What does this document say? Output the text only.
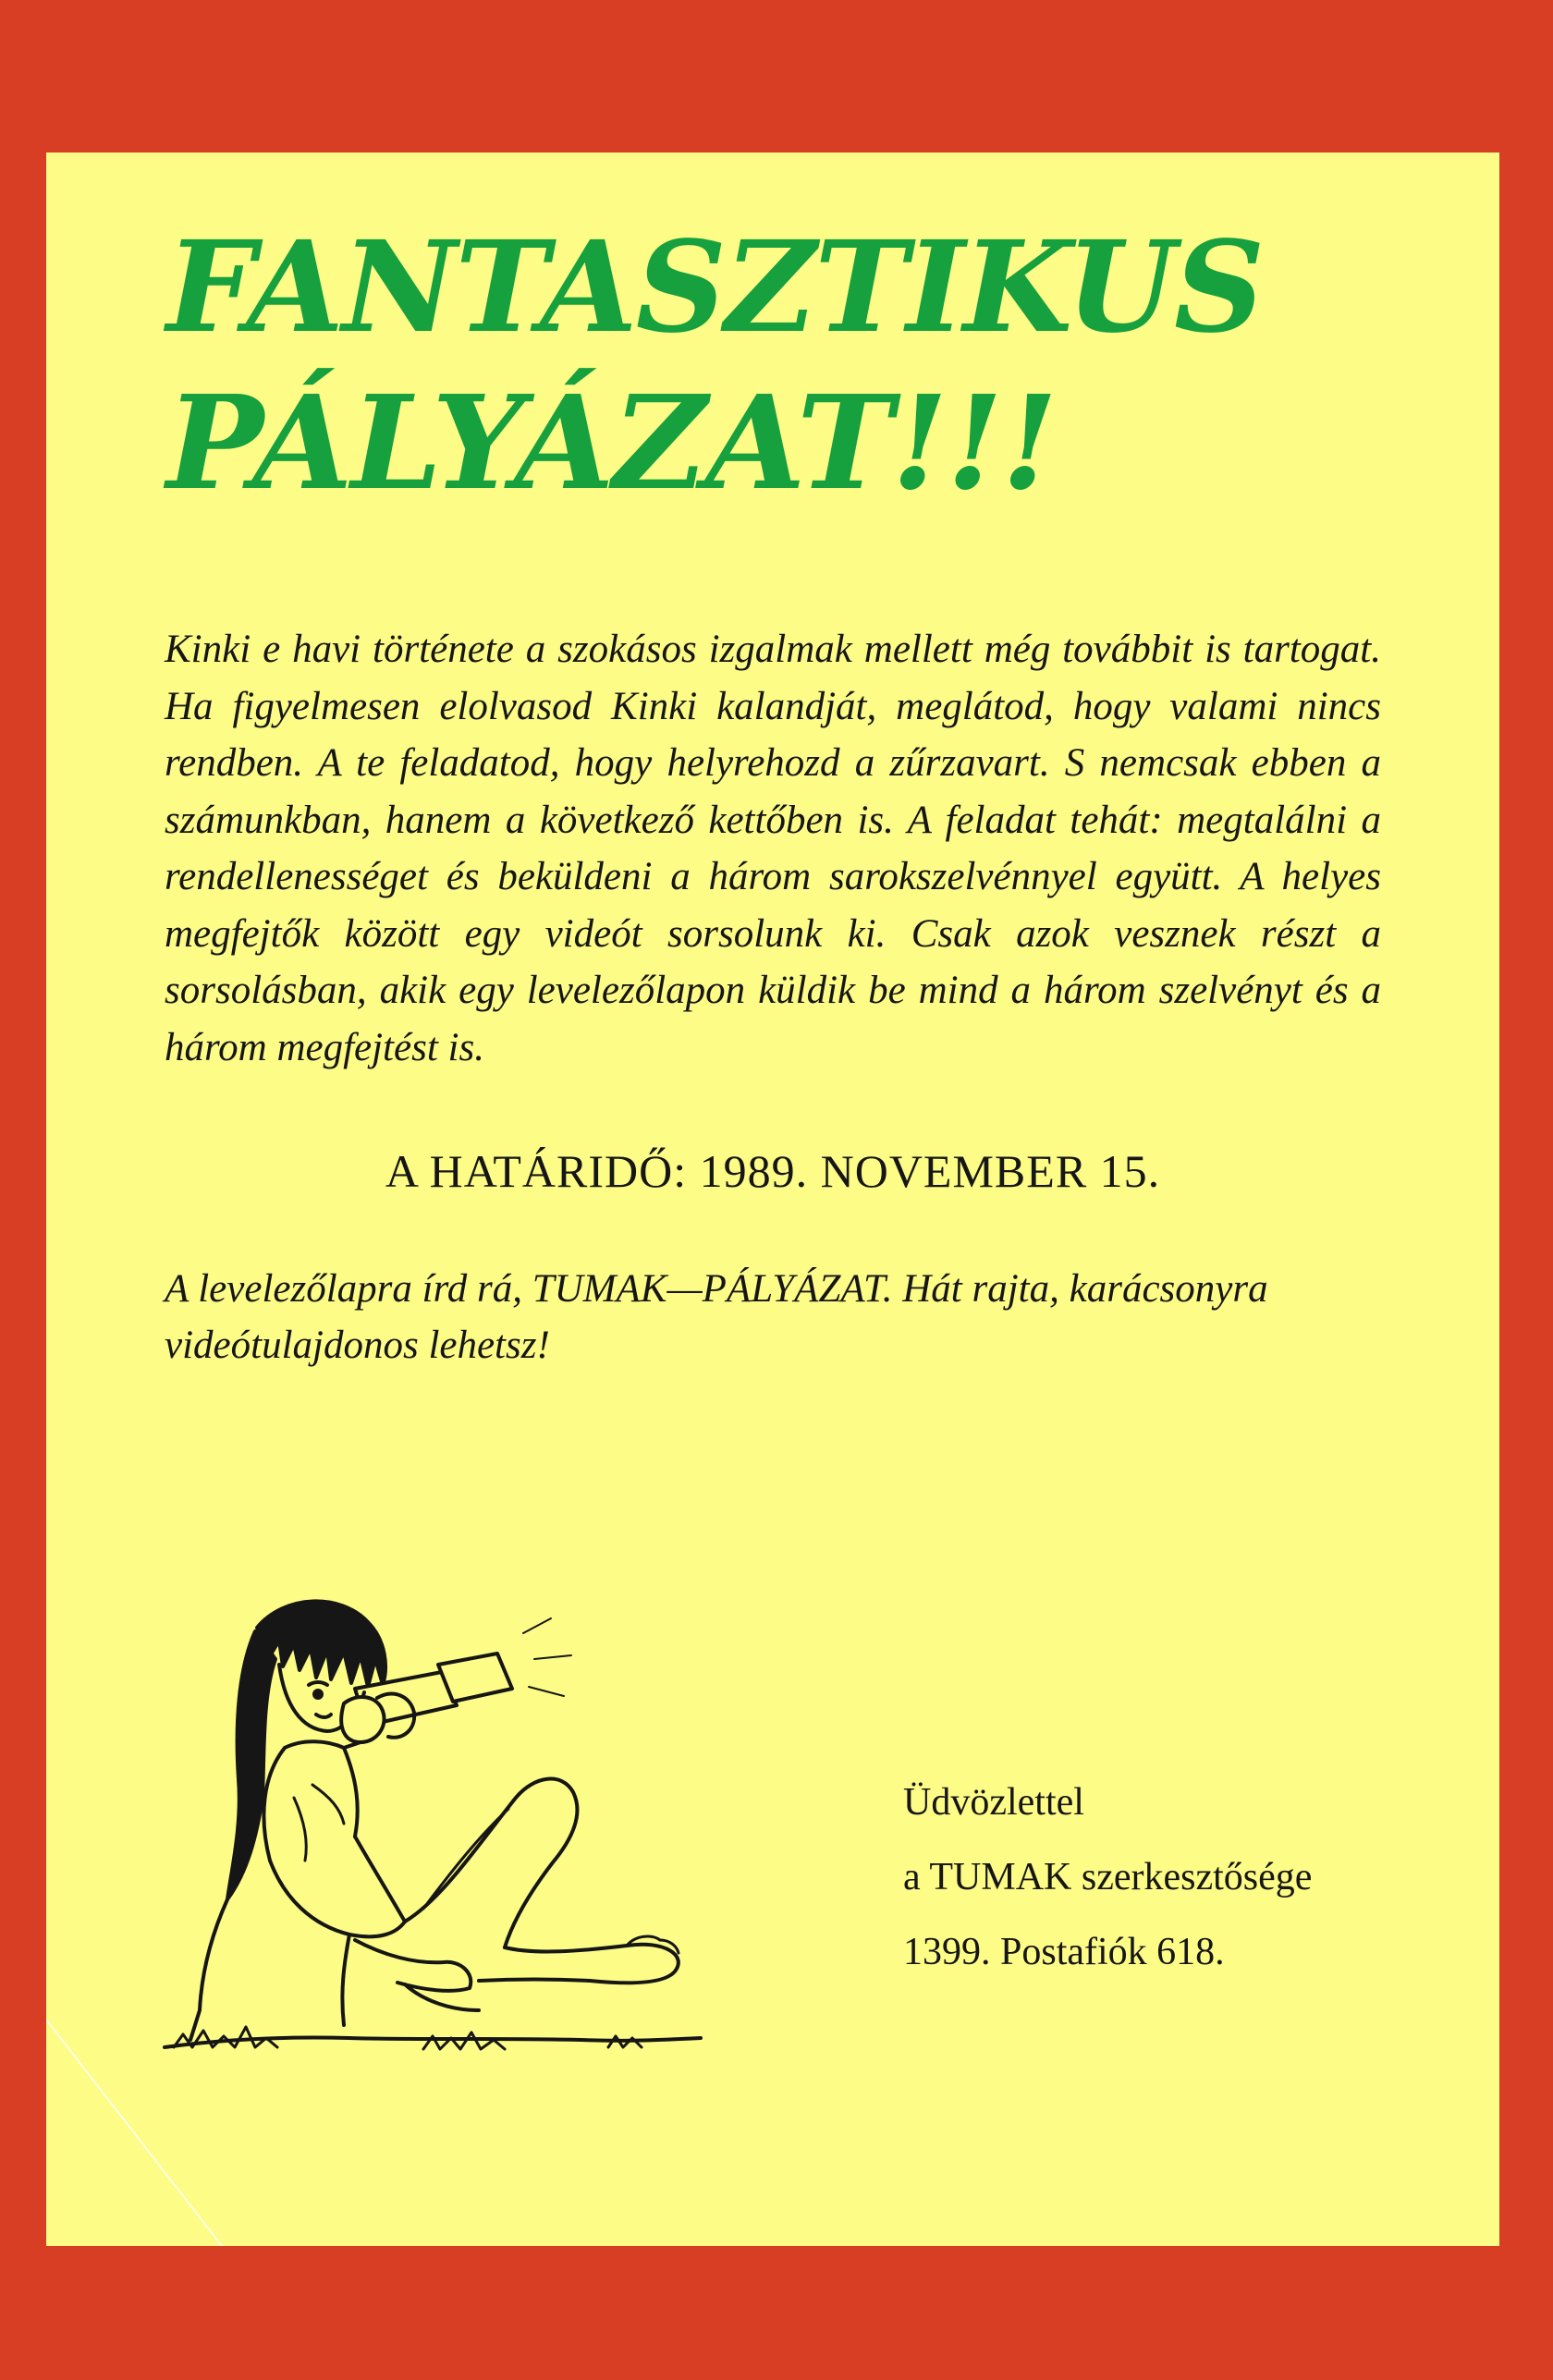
FANTASZTIKUS
PÁLYÁZAT!!!

Kinki e havi története a szokásos izgalmak mellett még továbbit is tartogat. Ha figyelmesen elolvasod Kinki kalandját, meglátod, hogy valami nincs rendben. A te feladatod, hogy helyrehozd a zűrzavart. S nemcsak ebben a számunkban, hanem a következő kettőben is. A feladat tehát: megtalálni a rendellenességet és beküldeni a három sarokszelvénnyel együtt. A helyes megfejtők között egy videót sorsolunk ki. Csak azok vesznek részt a sorsolásban, akik egy levelezőlapon küldik be mind a három szelvényt és a három megfejtést is.

A HATÁRIDŐ: 1989. NOVEMBER 15.

A levelezőlapra írd rá, TUMAK—PÁLYÁZAT. Hát rajta, karácsonyra videótulajdonos lehetsz!

Üdvözlettel
a TUMAK szerkesztősége
1399. Postafiók 618.
